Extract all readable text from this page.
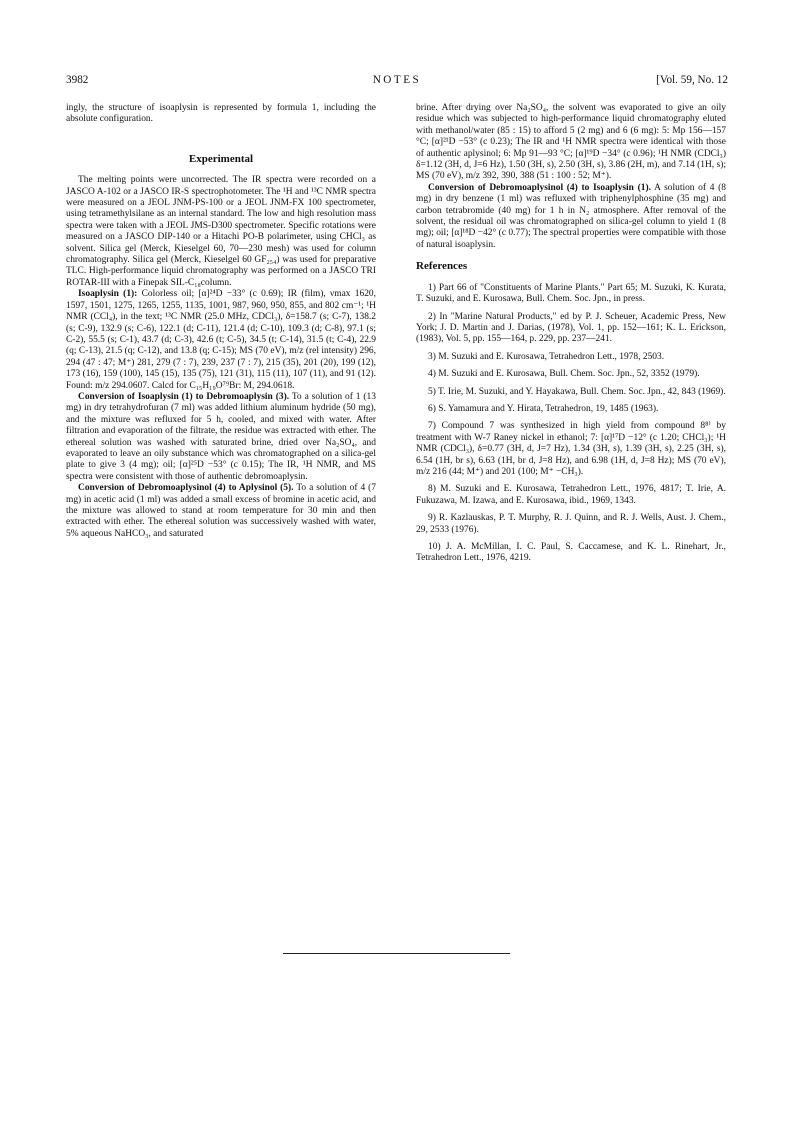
3982	NOTES	[Vol. 59, No. 12

ingly, the structure of isoaplysin is represented by formula 1, including the absolute configuration.

Experimental

The melting points were uncorrected. The IR spectra were recorded on a JASCO A-102 or a JASCO IR-S spectrophotometer. The ¹H and ¹³C NMR spectra were measured on a JEOL JNM-PS-100 or a JEOL JNM-FX 100 spectrometer, using tetramethylsilane as an internal standard. The low and high resolution mass spectra were taken with a JEOL JMS-D300 spectrometer. Specific rotations were measured on a JASCO DIP-140 or a Hitachi PO-B polarimeter, using CHCl₃ as solvent. Silica gel (Merck, Kieselgel 60, 70—230 mesh) was used for column chromatography. Silica gel (Merck, Kieselgel 60 GF₂₅₄) was used for preparative TLC. High-performance liquid chromatography was performed on a JASCO TRI ROTAR-III with a Finepak SIL-C₁₈column.

Isoaplysin (1): Colorless oil; [α]²⁴D −33° (c 0.69); IR (film), νmax 1620, 1597, 1501, 1275, 1265, 1255, 1135, 1001, 987, 960, 950, 855, and 802 cm⁻¹; ¹H NMR (CCl₄), in the text; ¹³C NMR (25.0 MHz, CDCl₃), δ=158.7 (s; C-7), 138.2 (s; C-9), 132.9 (s; C-6), 122.1 (d; C-11), 121.4 (d; C-10), 109.3 (d; C-8), 97.1 (s; C-2), 55.5 (s; C-1), 43.7 (d; C-3), 42.6 (t; C-5), 34.5 (t; C-14), 31.5 (t; C-4), 22.9 (q; C-13), 21.5 (q; C-12), and 13.8 (q; C-15); MS (70 eV), m/z (rel intensity) 296, 294 (47 : 47; M⁺) 281, 279 (7 : 7), 239, 237 (7 : 7), 215 (35), 201 (20), 199 (12), 173 (16), 159 (100), 145 (15), 135 (75), 121 (31), 115 (11), 107 (11), and 91 (12). Found: m/z 294.0607. Calcd for C₁₅H₁₉O⁷⁹Br: M, 294.0618.

Conversion of Isoaplysin (1) to Debromoaplysin (3). To a solution of 1 (13 mg) in dry tetrahydrofuran (7 ml) was added lithium aluminum hydride (50 mg), and the mixture was refluxed for 5 h, cooled, and mixed with water. After filtration and evaporation of the filtrate, the residue was extracted with ether. The ethereal solution was washed with saturated brine, dried over Na₂SO₄, and evaporated to leave an oily substance which was chromatographed on a silica-gel plate to give 3 (4 mg); oil; [α]²⁵D −53° (c 0.15); The IR, ¹H NMR, and MS spectra were consistent with those of authentic debromoaplysin.

Conversion of Debromoaplysinol (4) to Aplysinol (5). To a solution of 4 (7 mg) in acetic acid (1 ml) was added a small excess of bromine in acetic acid, and the mixture was allowed to stand at room temperature for 30 min and then extracted with ether. The ethereal solution was successively washed with water, 5% aqueous NaHCO₃, and saturated

brine. After drying over Na₂SO₄, the solvent was evaporated to give an oily residue which was subjected to high-performance liquid chromatography eluted with methanol/water (85 : 15) to afford 5 (2 mg) and 6 (6 mg): 5: Mp 156—157 °C; [α]²¹D −53° (c 0.23); The IR and ¹H NMR spectra were identical with those of authentic aplysinol; 6: Mp 91—93 °C; [α]¹⁹D −34° (c 0.96); ¹H NMR (CDCl₃) δ=1.12 (3H, d, J=6 Hz), 1.50 (3H, s), 2.50 (3H, s), 3.86 (2H, m), and 7.14 (1H, s); MS (70 eV), m/z 392, 390, 388 (51 : 100 : 52; M⁺).

Conversion of Debromoaplysinol (4) to Isoaplysin (1). A solution of 4 (8 mg) in dry benzene (1 ml) was refluxed with triphenylphosphine (35 mg) and carbon tetrabromide (40 mg) for 1 h in N₂ atmosphere. After removal of the solvent, the residual oil was chromatographed on silica-gel column to yield 1 (8 mg); oil; [α]¹⁸D −42° (c 0.77); The spectral properties were compatible with those of natural isoaplysin.

References
1) Part 66 of "Constituents of Marine Plants." Part 65; M. Suzuki, K. Kurata, T. Suzuki, and E. Kurosawa, Bull. Chem. Soc. Jpn., in press.
2) In "Marine Natural Products," ed by P. J. Scheuer, Academic Press, New York; J. D. Martin and J. Darias, (1978), Vol. 1, pp. 152—161; K. L. Erickson, (1983), Vol. 5, pp. 155—164, p. 229, pp. 237—241.
3) M. Suzuki and E. Kurosawa, Tetrahedron Lett., 1978, 2503.
4) M. Suzuki and E. Kurosawa, Bull. Chem. Soc. Jpn., 52, 3352 (1979).
5) T. Irie, M. Suzuki, and Y. Hayakawa, Bull. Chem. Soc. Jpn., 42, 843 (1969).
6) S. Yamamura and Y. Hirata, Tetrahedron, 19, 1485 (1963).
7) Compound 7 was synthesized in high yield from compound 8⁸⁾ by treatment with W-7 Raney nickel in ethanol; 7: [α]¹⁷D −12° (c 1.20; CHCl₃); ¹H NMR (CDCl₃), δ=0.77 (3H, d, J=7 Hz), 1.34 (3H, s), 1.39 (3H, s), 2.25 (3H, s), 6.54 (1H, br s), 6.63 (1H, br d, J=8 Hz), and 6.98 (1H, d, J=8 Hz); MS (70 eV), m/z 216 (44; M⁺) and 201 (100; M⁺ −CH₃).
8) M. Suzuki and E. Kurosawa, Tetrahedron Lett., 1976, 4817; T. Irie, A. Fukuzawa, M. Izawa, and E. Kurosawa, ibid., 1969, 1343.
9) R. Kazlauskas, P. T. Murphy, R. J. Quinn, and R. J. Wells, Aust. J. Chem., 29, 2533 (1976).
10) J. A. McMillan, I. C. Paul, S. Caccamese, and K. L. Rinehart, Jr., Tetrahedron Lett., 1976, 4219.
